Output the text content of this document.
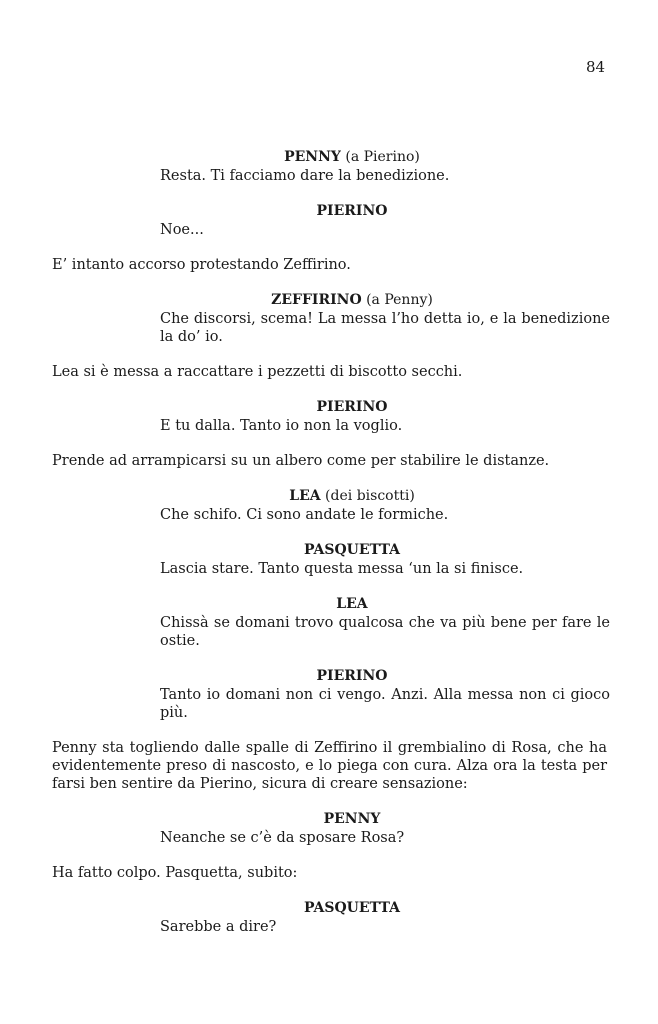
84
PENNY (a Pierino)
Resta. Ti facciamo dare la benedizione.
PIERINO
Noe...
E’ intanto accorso protestando Zeffirino.
ZEFFIRINO (a Penny)
Che discorsi, scema! La messa l’ho detta io, e la benedizione la do’ io.
Lea si è messa a raccattare i pezzetti di biscotto secchi.
PIERINO
E tu dalla. Tanto io non la voglio.
Prende ad arrampicarsi su un albero come per stabilire le distanze.
LEA (dei biscotti)
Che schifo. Ci sono andate le formiche.
PASQUETTA
Lascia stare. Tanto questa messa ‘un la si finisce.
LEA
Chissà se domani trovo qualcosa che va più bene per fare le ostie.
PIERINO
Tanto io domani non ci vengo. Anzi. Alla messa non ci gioco più.
Penny sta togliendo dalle spalle di Zeffirino il grembialino di Rosa, che ha evidentemente preso di nascosto, e lo piega con cura. Alza ora la testa per farsi ben sentire da Pierino, sicura di creare sensazione:
PENNY
Neanche se c’è da sposare Rosa?
Ha fatto colpo. Pasquetta, subito:
PASQUETTA
Sarebbe a dire?
